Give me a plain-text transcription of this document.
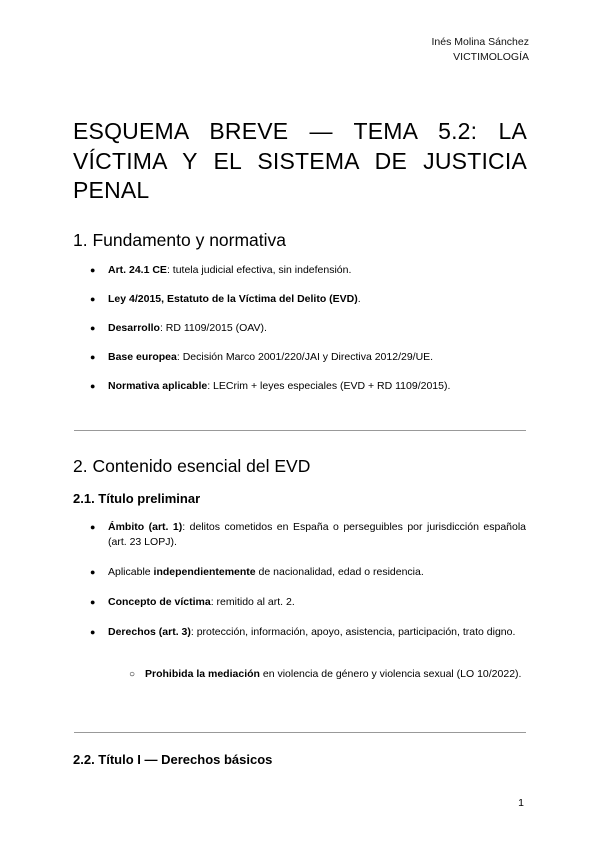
Inés Molina Sánchez
VICTIMOLOGÍA
ESQUEMA BREVE — TEMA 5.2: LA VÍCTIMA Y EL SISTEMA DE JUSTICIA PENAL
1. Fundamento y normativa
● Art. 24.1 CE: tutela judicial efectiva, sin indefensión.
● Ley 4/2015, Estatuto de la Víctima del Delito (EVD).
● Desarrollo: RD 1109/2015 (OAV).
● Base europea: Decisión Marco 2001/220/JAI y Directiva 2012/29/UE.
● Normativa aplicable: LECrim + leyes especiales (EVD + RD 1109/2015).
2. Contenido esencial del EVD
2.1. Título preliminar
● Ámbito (art. 1): delitos cometidos en España o perseguibles por jurisdicción española (art. 23 LOPJ).
● Aplicable independientemente de nacionalidad, edad o residencia.
● Concepto de víctima: remitido al art. 2.
● Derechos (art. 3): protección, información, apoyo, asistencia, participación, trato digno.
○ Prohibida la mediación en violencia de género y violencia sexual (LO 10/2022).
2.2. Título I — Derechos básicos
1
